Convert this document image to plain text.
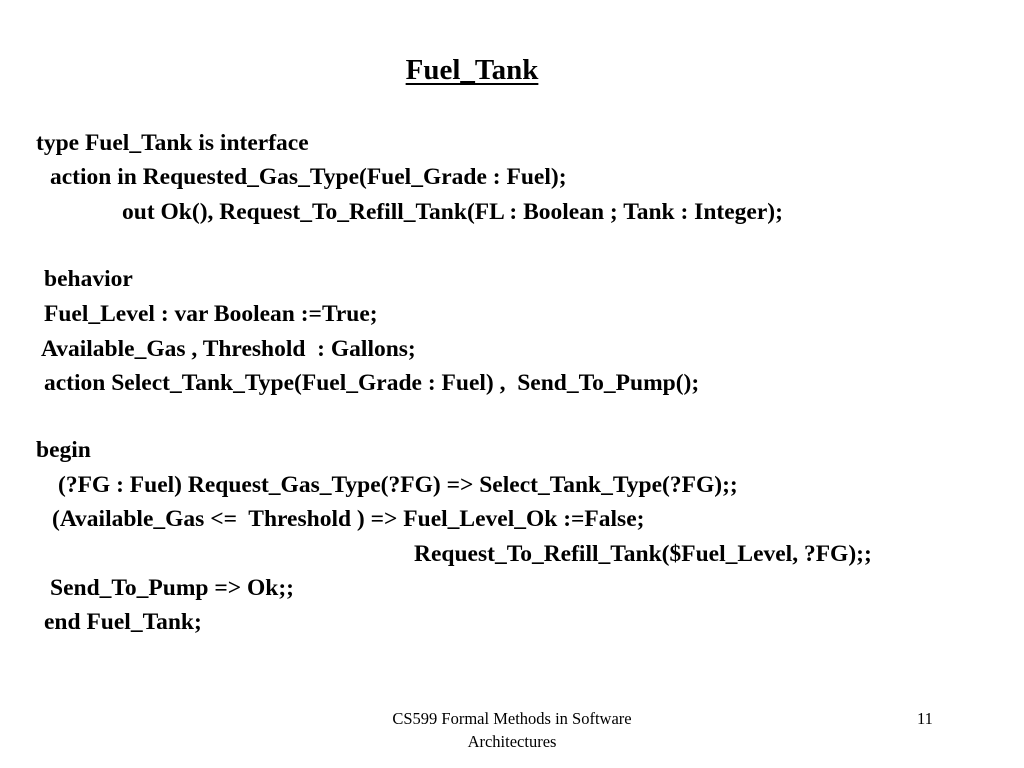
Fuel_Tank
type Fuel_Tank is interface
action in Requested_Gas_Type(Fuel_Grade : Fuel);
out Ok(), Request_To_Refill_Tank(FL : Boolean ; Tank : Integer);
behavior
Fuel_Level : var Boolean :=True;
Available_Gas , Threshold  : Gallons;
action Select_Tank_Type(Fuel_Grade : Fuel) ,  Send_To_Pump();
begin
(?FG : Fuel) Request_Gas_Type(?FG) => Select_Tank_Type(?FG);;
(Available_Gas <=  Threshold ) => Fuel_Level_Ok :=False;
Request_To_Refill_Tank($Fuel_Level, ?FG);;
Send_To_Pump => Ok;;
end Fuel_Tank;
CS599 Formal Methods in Software
Architectures
11
